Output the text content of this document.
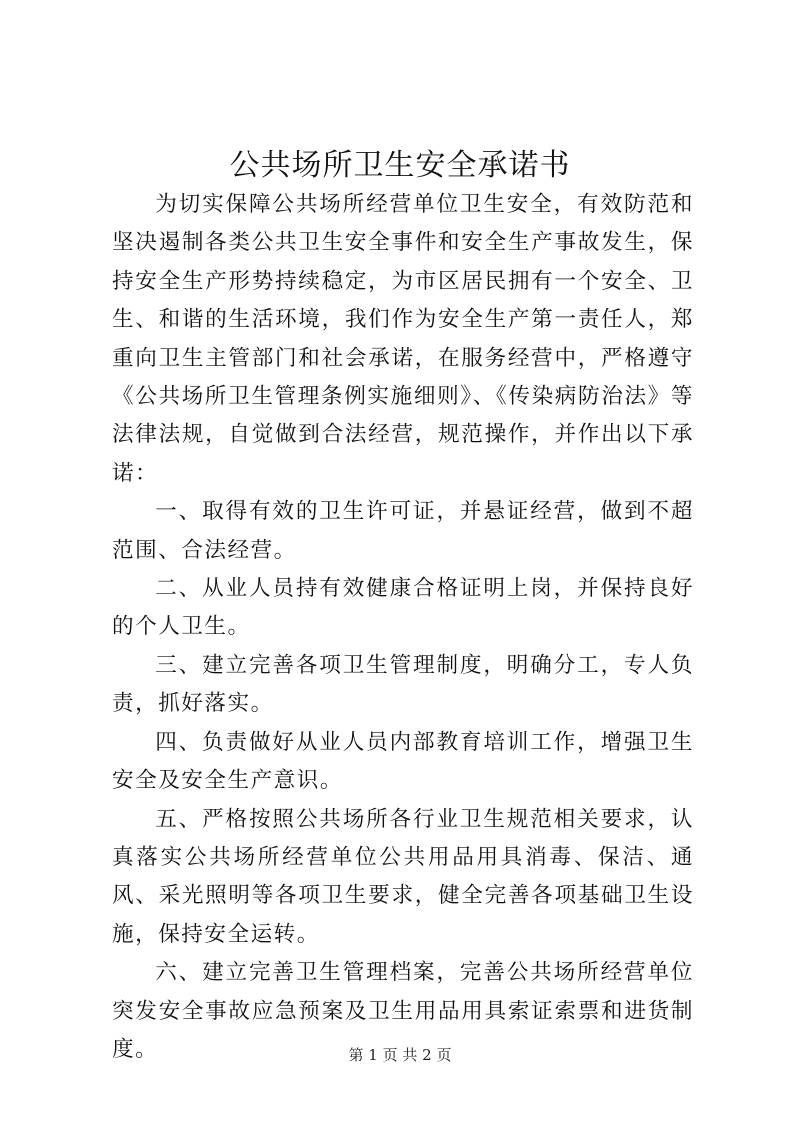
公共场所卫生安全承诺书

为切实保障公共场所经营单位卫生安全，有效防范和坚决遏制各类公共卫生安全事件和安全生产事故发生，保持安全生产形势持续稳定，为市区居民拥有一个安全、卫生、和谐的生活环境，我们作为安全生产第一责任人，郑重向卫生主管部门和社会承诺，在服务经营中，严格遵守《公共场所卫生管理条例实施细则》、《传染病防治法》等法律法规，自觉做到合法经营，规范操作，并作出以下承诺：

一、取得有效的卫生许可证，并悬证经营，做到不超范围、合法经营。

二、从业人员持有效健康合格证明上岗，并保持良好的个人卫生。

三、建立完善各项卫生管理制度，明确分工，专人负责，抓好落实。

四、负责做好从业人员内部教育培训工作，增强卫生安全及安全生产意识。

五、严格按照公共场所各行业卫生规范相关要求，认真落实公共场所经营单位公共用品用具消毒、保洁、通风、采光照明等各项卫生要求，健全完善各项基础卫生设施，保持安全运转。

六、建立完善卫生管理档案，完善公共场所经营单位突发安全事故应急预案及卫生用品用具索证索票和进货制度。	第 1 页 共 2 页
